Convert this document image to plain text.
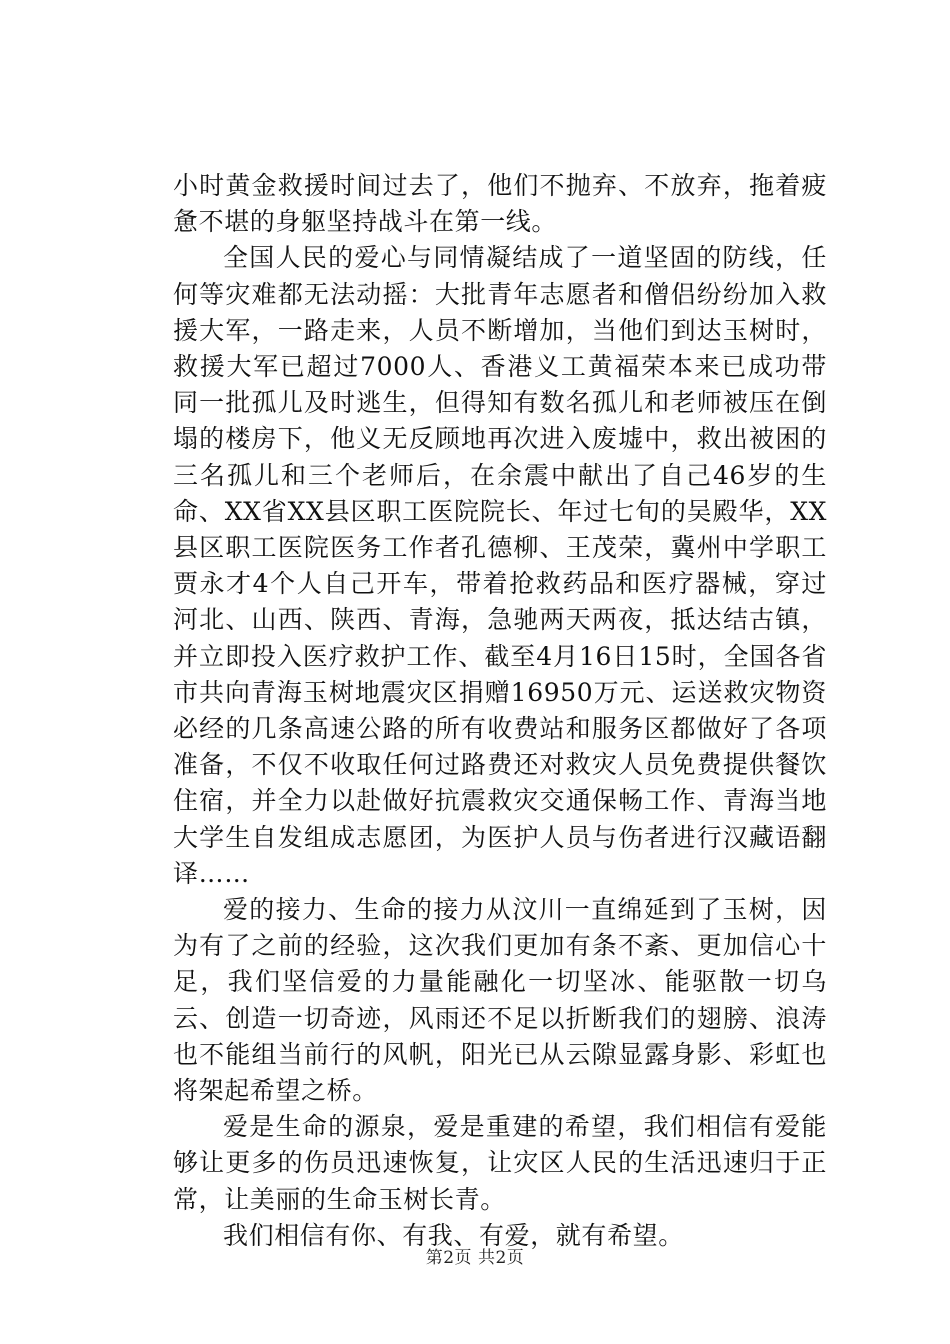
小时黄金救援时间过去了，他们不抛弃、不放弃，拖着疲惫不堪的身躯坚持战斗在第一线。

全国人民的爱心与同情凝结成了一道坚固的防线，任何等灾难都无法动摇：大批青年志愿者和僧侣纷纷加入救援大军，一路走来，人员不断增加，当他们到达玉树时，救援大军已超过7000人、香港义工黄福荣本来已成功带同一批孤儿及时逃生，但得知有数名孤儿和老师被压在倒塌的楼房下，他义无反顾地再次进入废墟中，救出被困的三名孤儿和三个老师后，在余震中献出了自己46岁的生命、XX省XX县区职工医院院长、年过七旬的吴殿华，XX县区职工医院医务工作者孔德柳、王茂荣，冀州中学职工贾永才4个人自己开车，带着抢救药品和医疗器械，穿过河北、山西、陕西、青海，急驰两天两夜，抵达结古镇，并立即投入医疗救护工作、截至4月16日15时，全国各省市共向青海玉树地震灾区捐赠16950万元、运送救灾物资必经的几条高速公路的所有收费站和服务区都做好了各项准备，不仅不收取任何过路费还对救灾人员免费提供餐饮住宿，并全力以赴做好抗震救灾交通保畅工作、青海当地大学生自发组成志愿团，为医护人员与伤者进行汉藏语翻译……

爱的接力、生命的接力从汶川一直绵延到了玉树，因为有了之前的经验，这次我们更加有条不紊、更加信心十足，我们坚信爱的力量能融化一切坚冰、能驱散一切乌云、创造一切奇迹，风雨还不足以折断我们的翅膀、浪涛也不能组当前行的风帆，阳光已从云隙显露身影、彩虹也将架起希望之桥。

爱是生命的源泉，爱是重建的希望，我们相信有爱能够让更多的伤员迅速恢复，让灾区人民的生活迅速归于正常，让美丽的生命玉树长青。

我们相信有你、有我、有爱，就有希望。

第2页 共2页
